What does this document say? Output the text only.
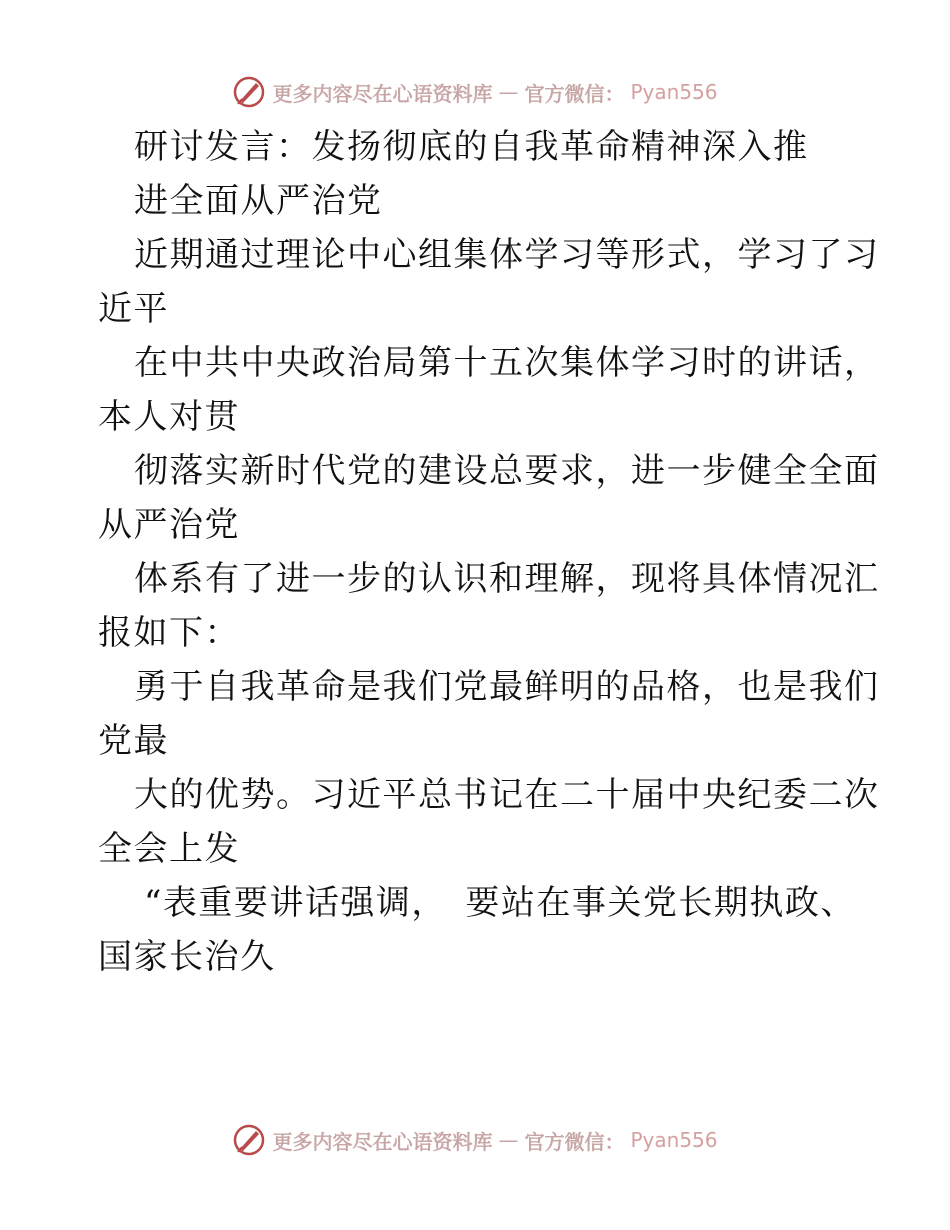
更多内容尽在心语资料库 — 官方微信： Pyan556
研讨发言：发扬彻底的自我革命精神深入推
进全面从严治党
近期通过理论中心组集体学习等形式，学习了习
近平
在中共中央政治局第十五次集体学习时的讲话，
本人对贯
彻落实新时代党的建设总要求，进一步健全全面
从严治党
体系有了进一步的认识和理解，现将具体情况汇
报如下：
勇于自我革命是我们党最鲜明的品格，也是我们
党最
大的优势。习近平总书记在二十届中央纪委二次
全会上发
“表重要讲话强调，　要站在事关党长期执政、
国家长治久
更多内容尽在心语资料库 — 官方微信： Pyan556
